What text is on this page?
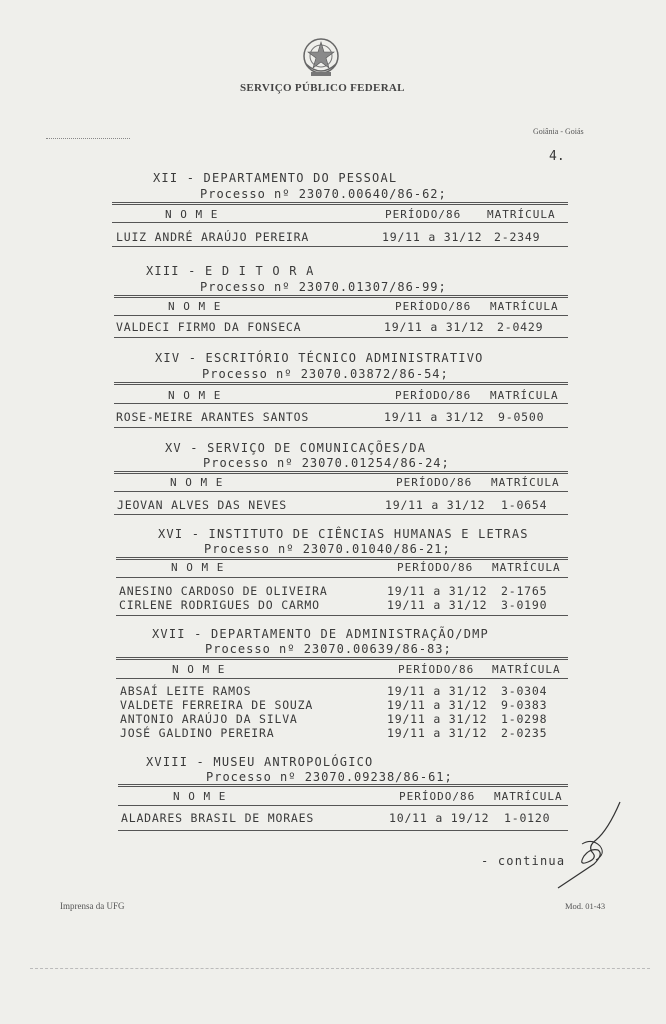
SERVIÇO PÚBLICO FEDERAL
Goiânia - Goiás
4.
XII - DEPARTAMENTO DO PESSOAL
Processo nº 23070.00640/86-62;
N O M E	PERÍODO/86 MATRÍCULA
LUIZ ANDRÉ ARAÚJO PEREIRA	19/11 a 31/12 2-2349
XIII - E D I T O R A
Processo nº 23070.01307/86-99;
N O M E	PERÍODO/86 MATRÍCULA
VALDECI FIRMO DA FONSECA	19/11 a 31/12 2-0429
XIV - ESCRITÓRIO TÉCNICO ADMINISTRATIVO
Processo nº 23070.03872/86-54;
N O M E	PERÍODO/86 MATRÍCULA
ROSE-MEIRE ARANTES SANTOS	19/11 a 31/12 9-0500
XV - SERVIÇO DE COMUNICAÇÕES/DA
Processo nº 23070.01254/86-24;
N O M E	PERÍODO/86 MATRÍCULA
JEOVAN ALVES DAS NEVES	19/11 a 31/12 1-0654
XVI - INSTITUTO DE CIÊNCIAS HUMANAS E LETRAS
Processo nº 23070.01040/86-21;
N O M E	PERÍODO/86 MATRÍCULA
ANESINO CARDOSO DE OLIVEIRA	19/11 a 31/12 2-1765
CIRLENE RODRIGUES DO CARMO	19/11 a 31/12 3-0190
XVII - DEPARTAMENTO DE ADMINISTRAÇÃO/DMP
Processo nº 23070.00639/86-83;
N O M E	PERÍODO/86 MATRÍCULA
ABSAÍ LEITE RAMOS	19/11 a 31/12 3-0304
VALDETE FERREIRA DE SOUZA	19/11 a 31/12 9-0383
ANTONIO ARAÚJO DA SILVA	19/11 a 31/12 1-0298
JOSÉ GALDINO PEREIRA	19/11 a 31/12 2-0235
XVIII - MUSEU ANTROPOLÓGICO
Processo nº 23070.09238/86-61;
N O M E	PERÍODO/86 MATRÍCULA
ALADARES BRASIL DE MORAES	10/11 a 19/12 1-0120
- continua
Imprensa da UFG	Mod. 01-43
